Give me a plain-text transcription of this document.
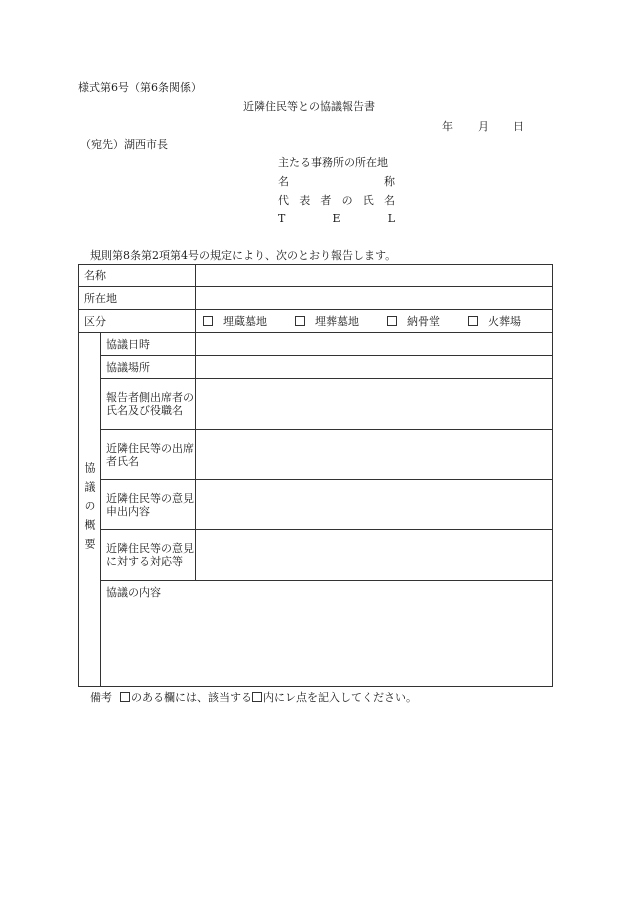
様式第6号（第6条関係）
近隣住民等との協議報告書
年 月 日
（宛先）湖西市長
主たる事務所の所在地
名	称
代 表 者 の 氏 名
T	E	L
規則第8条第2項第4号の規定により、次のとおり報告します。
名称		
所在地		
区分		埋蔵墓地 埋葬墓地 納骨堂 火葬場

協議の概要	協議日時	
	協議場所	
	報告者側出席者の氏名及び役職名	
	近隣住民等の出席者氏名	
	近隣住民等の意見申出内容	
	近隣住民等の意見に対する対応等	
	協議の内容	
備考	のある欄には、該当する 内にレ点を記入してください。
